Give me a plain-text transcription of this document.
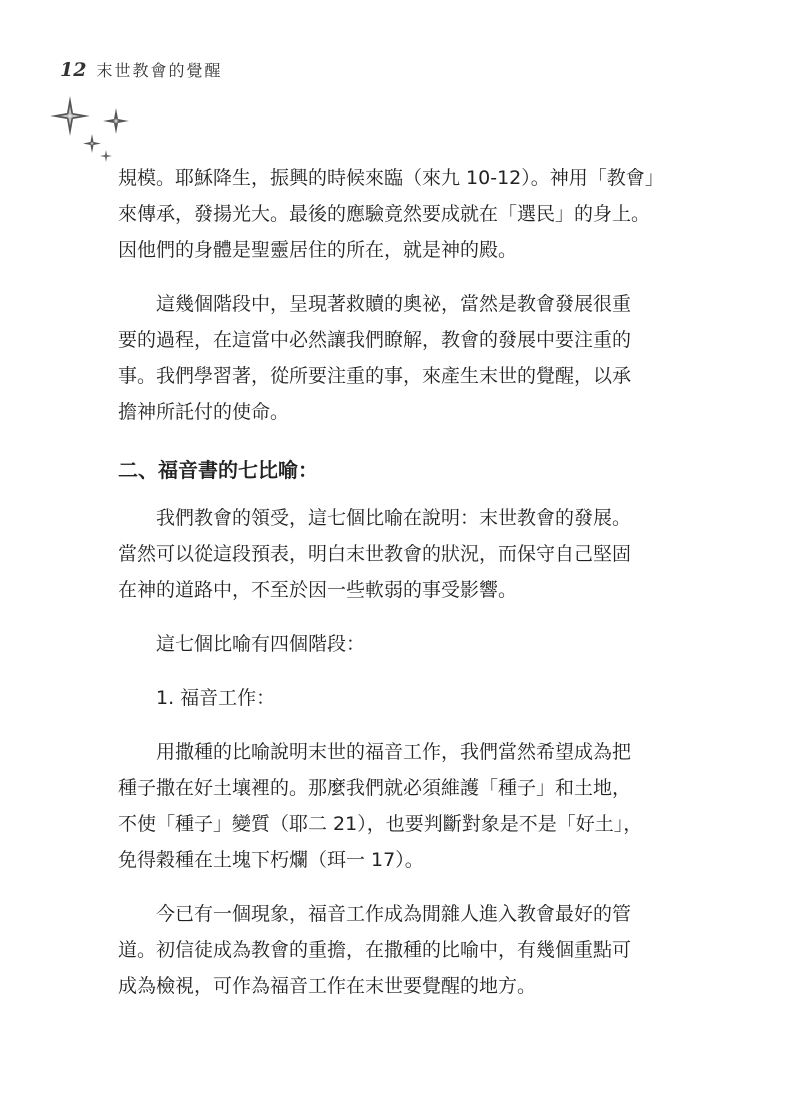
12 末世教會的覺醒

規模。耶穌降生，振興的時候來臨（來九 10-12）。神用「教會」
來傳承，發揚光大。最後的應驗竟然要成就在「選民」的身上。
因他們的身體是聖靈居住的所在，就是神的殿。

這幾個階段中，呈現著救贖的奧祕，當然是教會發展很重
要的過程，在這當中必然讓我們瞭解，教會的發展中要注重的
事。我們學習著，從所要注重的事，來產生末世的覺醒，以承
擔神所託付的使命。

二、福音書的七比喻：

我們教會的領受，這七個比喻在說明：末世教會的發展。
當然可以從這段預表，明白末世教會的狀況，而保守自己堅固
在神的道路中，不至於因一些軟弱的事受影響。

這七個比喻有四個階段：

1. 福音工作：

用撒種的比喻說明末世的福音工作，我們當然希望成為把
種子撒在好土壤裡的。那麼我們就必須維護「種子」和土地，
不使「種子」變質（耶二 21），也要判斷對象是不是「好土」，
免得穀種在土塊下朽爛（珥一 17）。

今已有一個現象，福音工作成為閒雜人進入教會最好的管
道。初信徒成為教會的重擔，在撒種的比喻中，有幾個重點可
成為檢視，可作為福音工作在末世要覺醒的地方。
